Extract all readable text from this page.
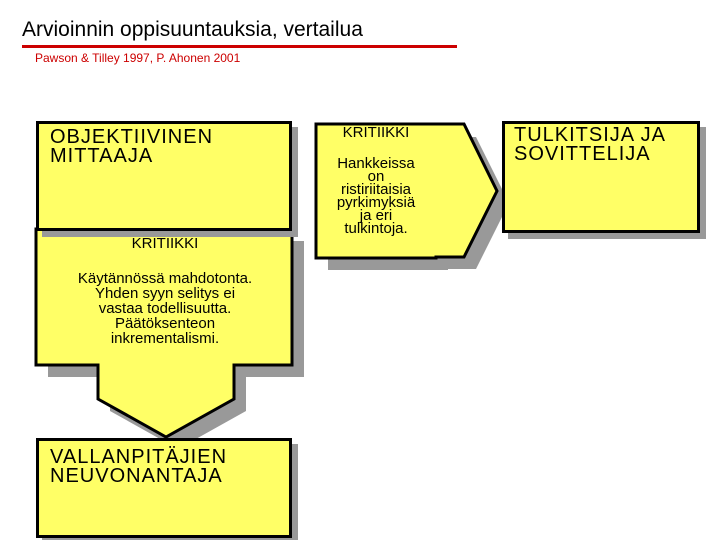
Arvioinnin oppisuuntauksia, vertailua
Pawson & Tilley 1997, P. Ahonen 2001
OBJEKTIIVINEN
MITTAAJA
KRITIIKKI
Käytännössä mahdotonta.
Yhden syyn selitys ei
vastaa todellisuutta.
Päätöksenteon
inkrementalismi.
VALLANPITÄJIEN
NEUVONANTAJA
KRITIIKKI
Hankkeissa
on
ristiriitaisia
pyrkimyksiä
ja eri
tulkintoja.
TULKITSIJA JA
SOVITTELIJA
